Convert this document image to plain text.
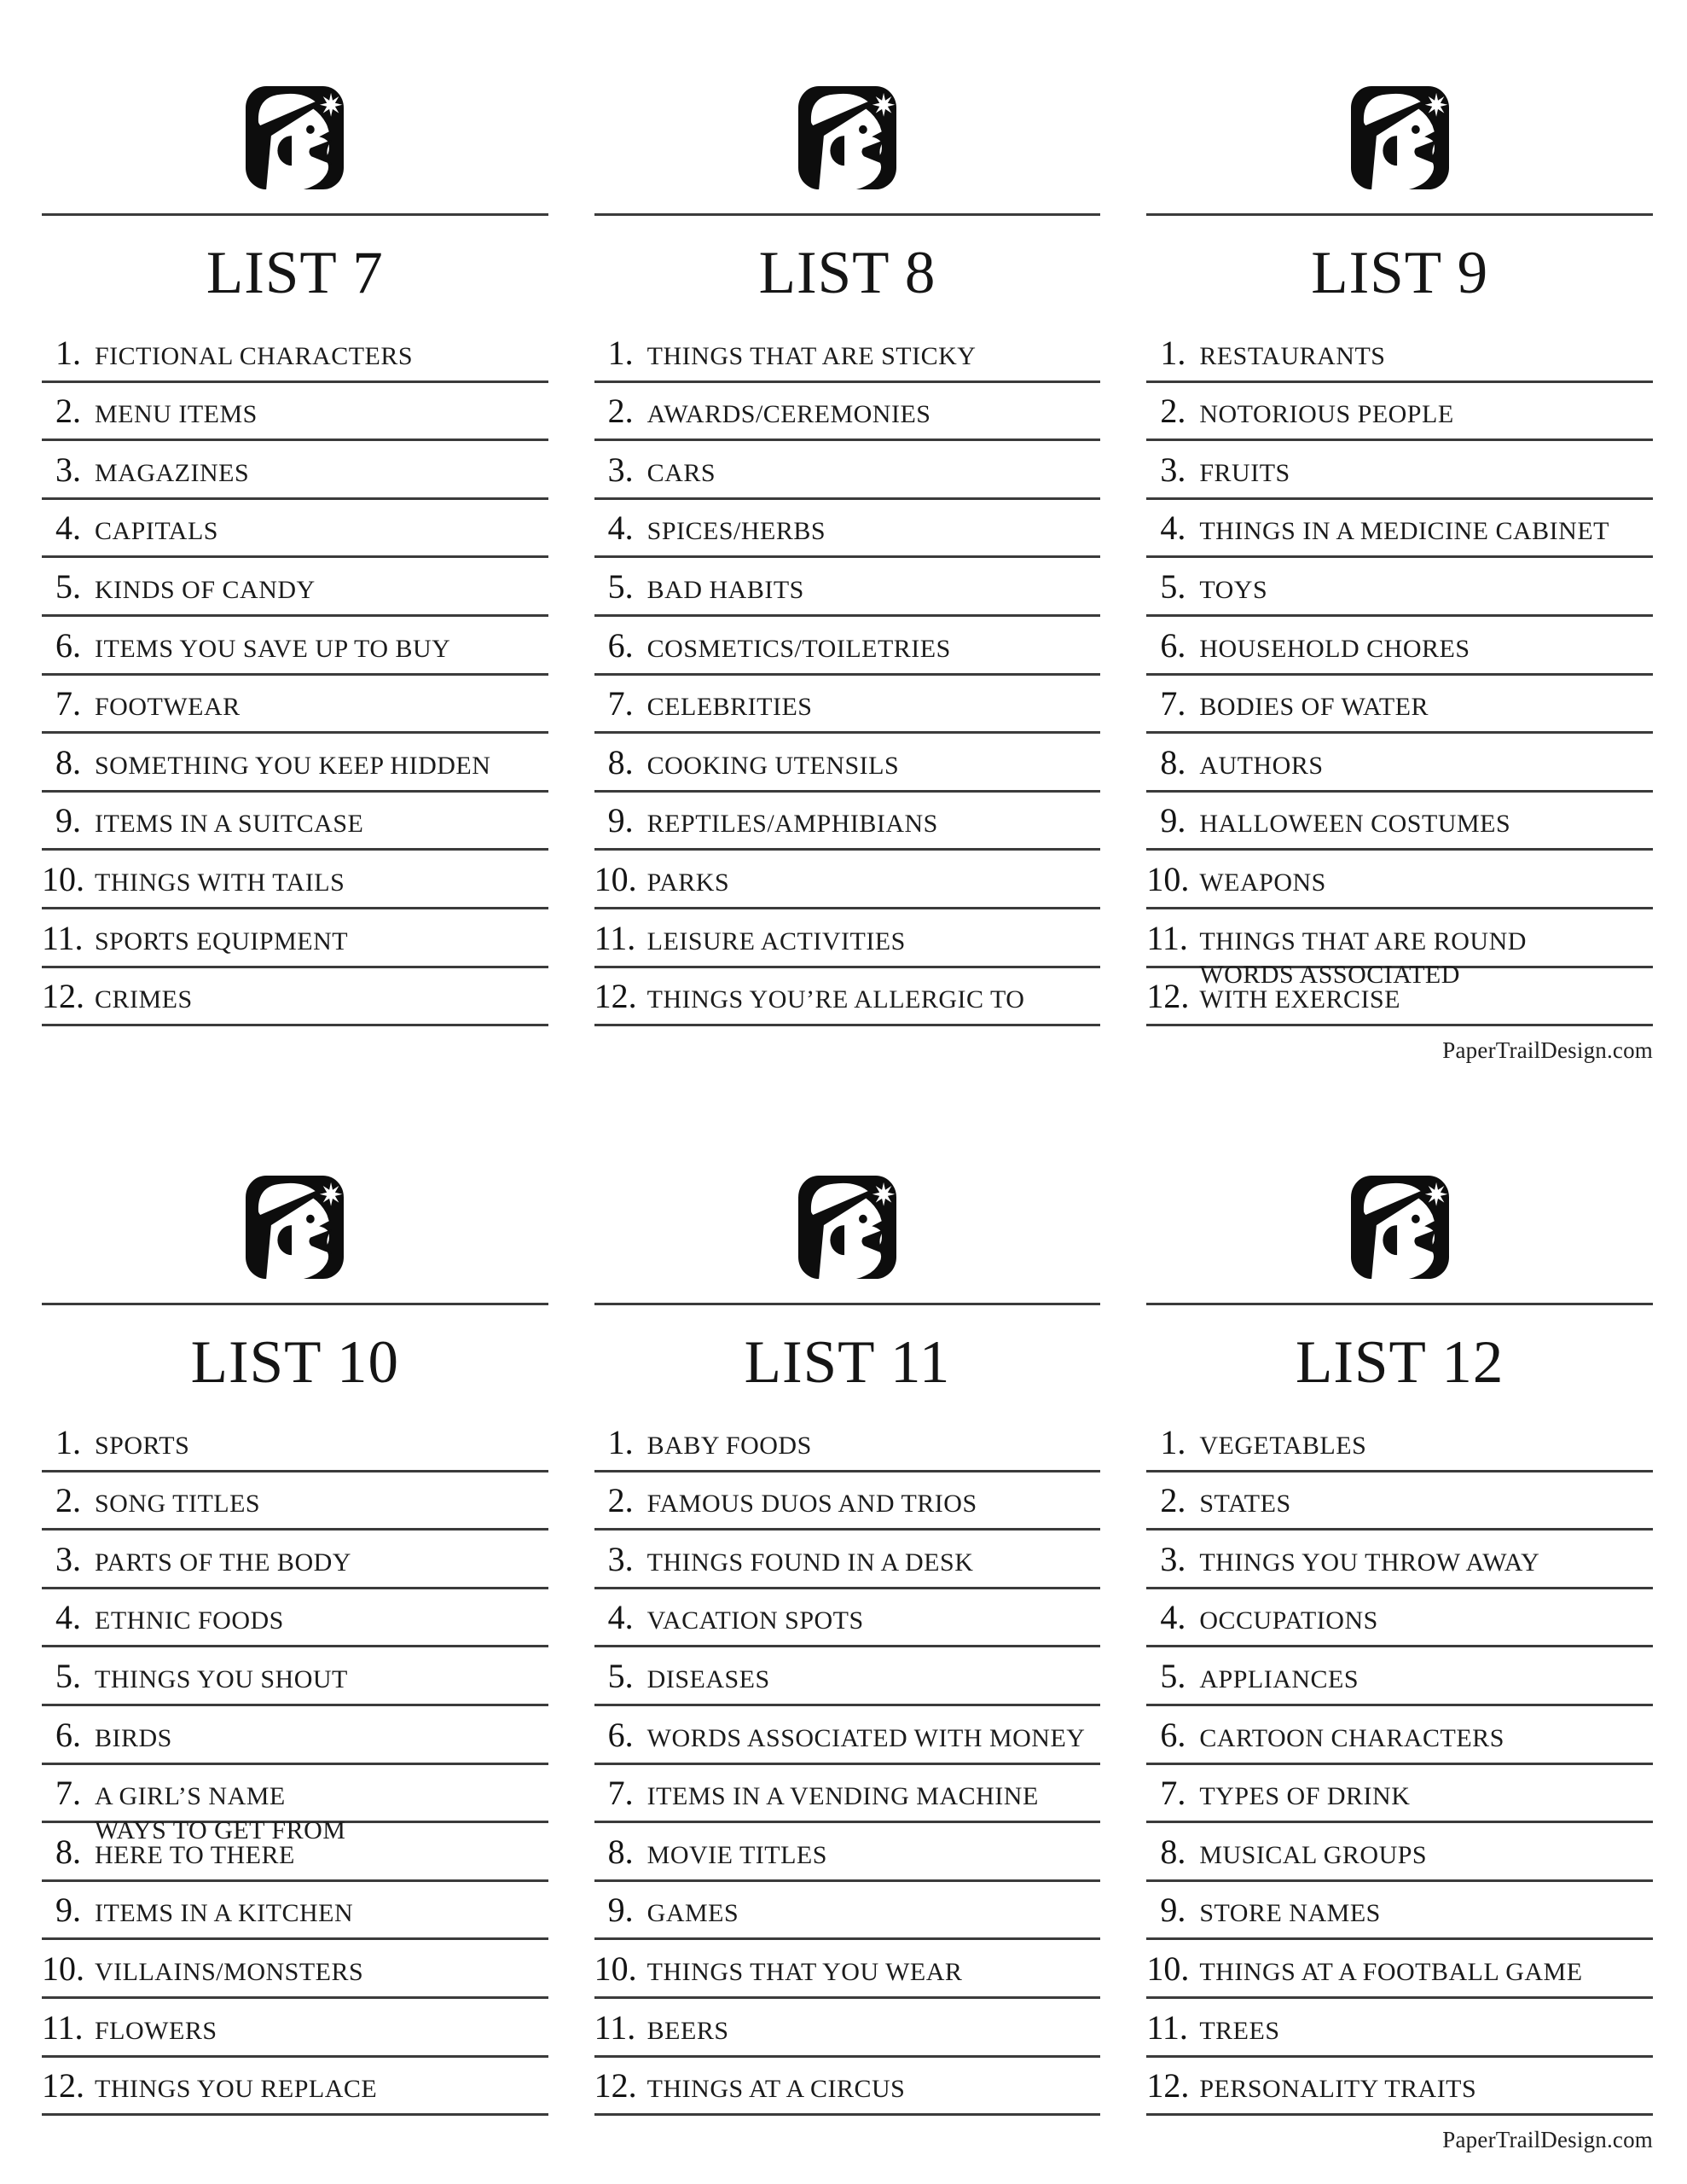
LIST 7
1. FICTIONAL CHARACTERS
2. MENU ITEMS
3. MAGAZINES
4. CAPITALS
5. KINDS OF CANDY
6. ITEMS YOU SAVE UP TO BUY
7. FOOTWEAR
8. SOMETHING YOU KEEP HIDDEN
9. ITEMS IN A SUITCASE
10. THINGS WITH TAILS
11. SPORTS EQUIPMENT
12. CRIMES
LIST 8
1. THINGS THAT ARE STICKY
2. AWARDS/CEREMONIES
3. CARS
4. SPICES/HERBS
5. BAD HABITS
6. COSMETICS/TOILETRIES
7. CELEBRITIES
8. COOKING UTENSILS
9. REPTILES/AMPHIBIANS
10. PARKS
11. LEISURE ACTIVITIES
12. THINGS YOU’RE ALLERGIC TO
LIST 9
1. RESTAURANTS
2. NOTORIOUS PEOPLE
3. FRUITS
4. THINGS IN A MEDICINE CABINET
5. TOYS
6. HOUSEHOLD CHORES
7. BODIES OF WATER
8. AUTHORS
9. HALLOWEEN COSTUMES
10. WEAPONS
11. THINGS THAT ARE ROUND
12.WORDS ASSOCIATED
WITH EXERCISE
PaperTrailDesign.com
LIST 10
1. SPORTS
2. SONG TITLES
3. PARTS OF THE BODY
4. ETHNIC FOODS
5. THINGS YOU SHOUT
6. BIRDS
7. A GIRL’S NAME
8.WAYS TO GET FROM
HERE TO THERE
9. ITEMS IN A KITCHEN
10. VILLAINS/MONSTERS
11. FLOWERS
12. THINGS YOU REPLACE
LIST 11
1. BABY FOODS
2. FAMOUS DUOS AND TRIOS
3. THINGS FOUND IN A DESK
4. VACATION SPOTS
5. DISEASES
6. WORDS ASSOCIATED WITH MONEY
7. ITEMS IN A VENDING MACHINE
8. MOVIE TITLES
9. GAMES
10. THINGS THAT YOU WEAR
11. BEERS
12. THINGS AT A CIRCUS
LIST 12
1. VEGETABLES
2. STATES
3. THINGS YOU THROW AWAY
4. OCCUPATIONS
5. APPLIANCES
6. CARTOON CHARACTERS
7. TYPES OF DRINK
8. MUSICAL GROUPS
9. STORE NAMES
10. THINGS AT A FOOTBALL GAME
11. TREES
12. PERSONALITY TRAITS
PaperTrailDesign.com
